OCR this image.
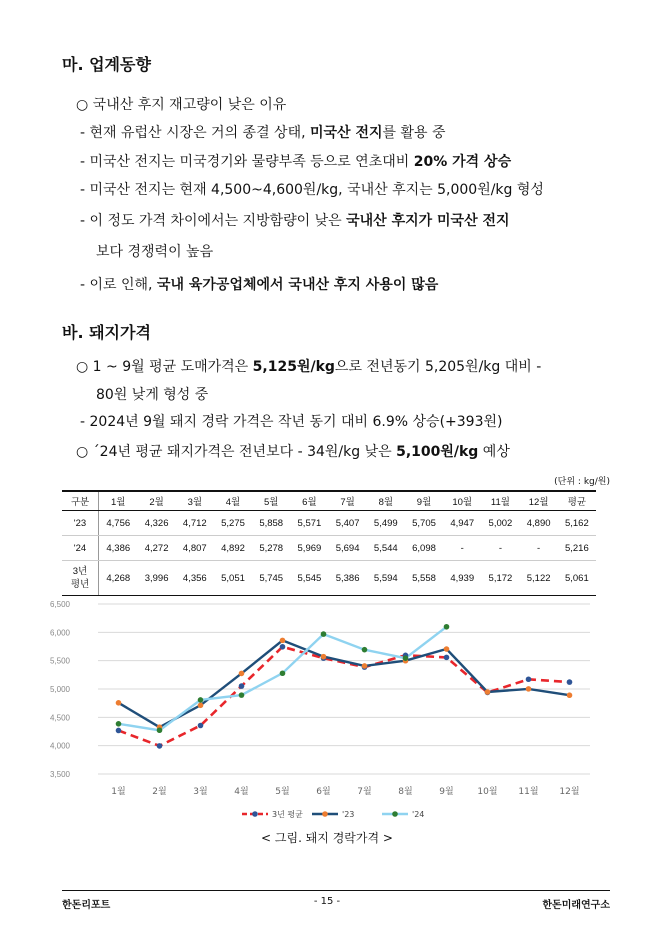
마. 업계동향
○ 국내산 후지 재고량이 낮은 이유
- 현재 유럽산 시장은 거의 종결 상태, 미국산 전지를 활용 중
- 미국산 전지는 미국경기와 물량부족 등으로 연초대비 20% 가격 상승
- 미국산 전지는 현재 4,500~4,600원/kg, 국내산 후지는 5,000원/kg 형성
- 이 정도 가격 차이에서는 지방함량이 낮은 국내산 후지가 미국산 전지
보다 경쟁력이 높음
- 이로 인해, 국내 육가공업체에서 국내산 후지 사용이 많음
바. 돼지가격
○ 1 ~ 9월 평균 도매가격은 5,125원/kg으로 전년동기 5,205원/kg 대비 -
80원 낮게 형성 중
- 2024년 9월 돼지 경락 가격은 작년 동기 대비 6.9% 상승(+393원)
○ ´24년 평균 돼지가격은 전년보다 - 34원/kg 낮은 5,100원/kg 예상
(단위 : kg/원)
구분	1월	2월	3월	4월	5월	6월	7월	8월	9월	10월	11월	12월	평균
'23	4,756	4,326	4,712	5,275	5,858	5,571	5,407	5,499	5,705	4,947	5,002	4,890	5,162
'24	4,386	4,272	4,807	4,892	5,278	5,969	5,694	5,544	6,098	-	-	-	5,216

3년
평년	4,268	3,996	4,356	5,051	5,745	5,545	5,386	5,594	5,558	4,939	5,172	5,122	5,061
3,500
4,000
4,500
5,000
5,500
6,000
6,500
1월	2월	3월	4월	5월	6월	7월	8월	9월	10월 11월 12월
3년 평균	'23	'24
< 그림. 돼지 경락가격 >
한돈리포트	- 15 -	한돈미래연구소
